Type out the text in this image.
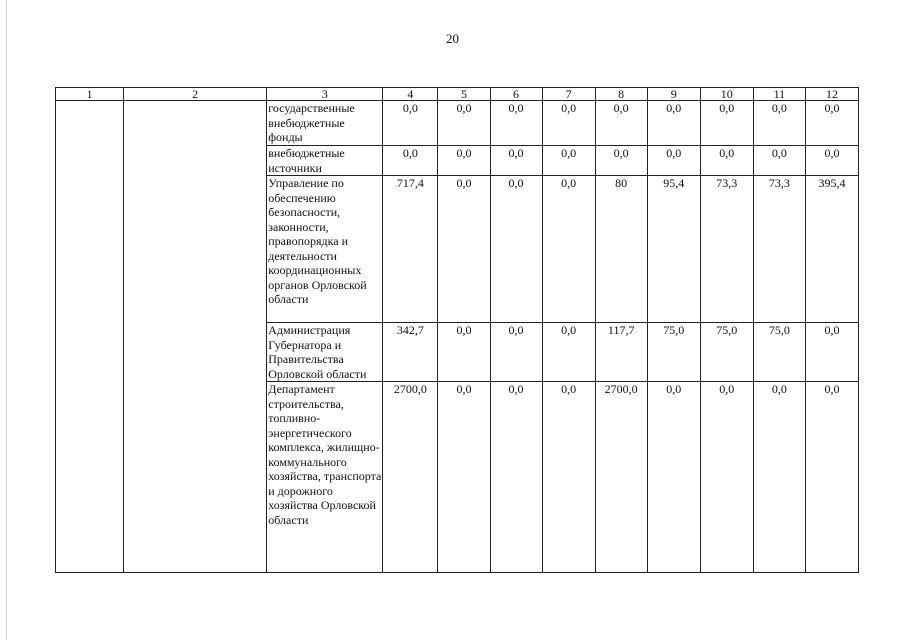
20
1	2	3	4	5	6	7	8	9	10	11	12
		государственные внебюджетные фонды	0,0	0,0	0,0	0,0	0,0	0,0	0,0	0,0	0,0
		внебюджетные источники	0,0	0,0	0,0	0,0	0,0	0,0	0,0	0,0	0,0
		Управление по обеспечению безопасности, законности, правопорядка и деятельности координационных органов Орловской области	717,4	0,0	0,0	0,0	80	95,4	73,3	73,3	395,4
		Администрация Губернатора и Правительства Орловской области	342,7	0,0	0,0	0,0	117,7	75,0	75,0	75,0	0,0
		Департамент строительства, топливно-энергетического комплекса, жилищно-коммунального хозяйства, транспорта и дорожного хозяйства Орловской области	2700,0	0,0	0,0	0,0	2700,0	0,0	0,0	0,0	0,0
